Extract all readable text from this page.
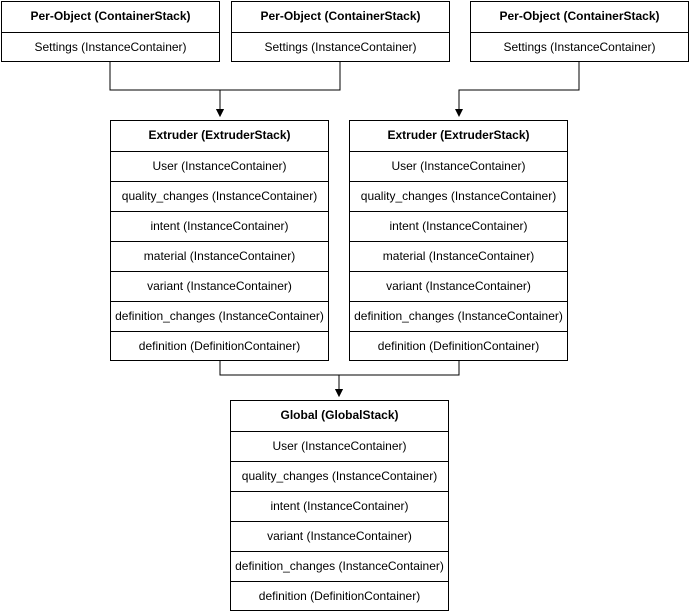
Per-Object (ContainerStack)
Settings (InstanceContainer)
Per-Object (ContainerStack)
Settings (InstanceContainer)
Per-Object (ContainerStack)
Settings (InstanceContainer)
Extruder (ExtruderStack)
User (InstanceContainer)
quality_changes (InstanceContainer)
intent (InstanceContainer)
material (InstanceContainer)
variant (InstanceContainer)
definition_changes (InstanceContainer)
definition (DefinitionContainer)
Extruder (ExtruderStack)
User (InstanceContainer)
quality_changes (InstanceContainer)
intent (InstanceContainer)
material (InstanceContainer)
variant (InstanceContainer)
definition_changes (InstanceContainer)
definition (DefinitionContainer)
Global (GlobalStack)
User (InstanceContainer)
quality_changes (InstanceContainer)
intent (InstanceContainer)
variant (InstanceContainer)
definition_changes (InstanceContainer)
definition (DefinitionContainer)
